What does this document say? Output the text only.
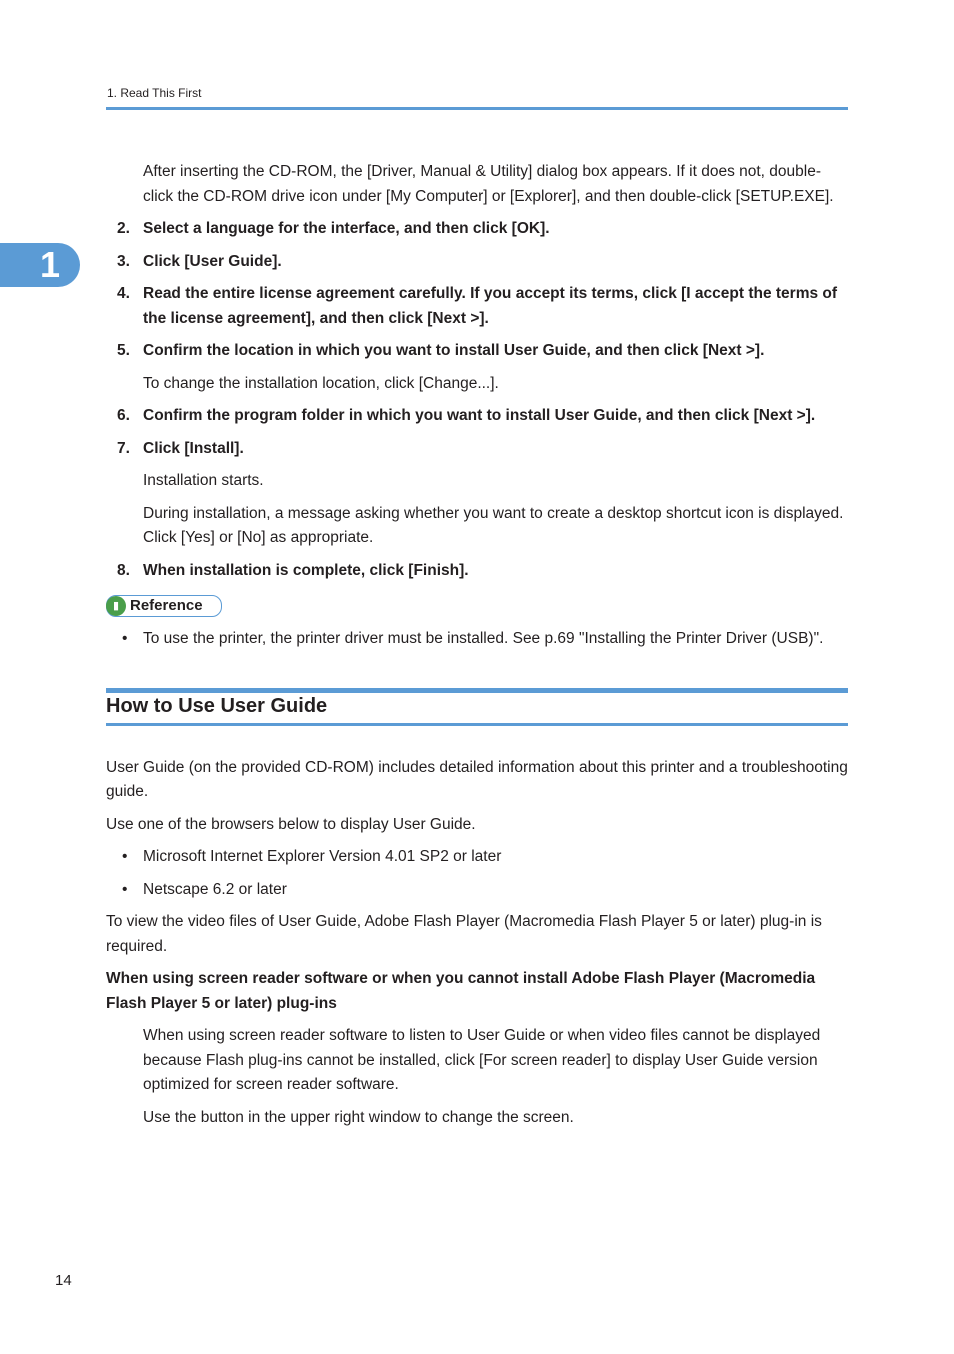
1. Read This First
1

After inserting the CD-ROM, the [Driver, Manual & Utility] dialog box appears. If it does not, double-click the CD-ROM drive icon under [My Computer] or [Explorer], and then double-click [SETUP.EXE].

2. Select a language for the interface, and then click [OK].
3. Click [User Guide].
4. Read the entire license agreement carefully. If you accept its terms, click [I accept the terms of the license agreement], and then click [Next >].
5. Confirm the location in which you want to install User Guide, and then click [Next >].

To change the installation location, click [Change...].

6. Confirm the program folder in which you want to install User Guide, and then click [Next >].
7. Click [Install].

Installation starts.

During installation, a message asking whether you want to create a desktop shortcut icon is displayed. Click [Yes] or [No] as appropriate.

8. When installation is complete, click [Finish].
▮ Reference
• To use the printer, the printer driver must be installed. See p.69 "Installing the Printer Driver (USB)".
How to Use User Guide

User Guide (on the provided CD-ROM) includes detailed information about this printer and a troubleshooting guide.

Use one of the browsers below to display User Guide.

• Microsoft Internet Explorer Version 4.01 SP2 or later
• Netscape 6.2 or later

To view the video files of User Guide, Adobe Flash Player (Macromedia Flash Player 5 or later) plug-in is required.

When using screen reader software or when you cannot install Adobe Flash Player (Macromedia Flash Player 5 or later) plug-ins

When using screen reader software to listen to User Guide or when video files cannot be displayed because Flash plug-ins cannot be installed, click [For screen reader] to display User Guide version optimized for screen reader software.

Use the button in the upper right window to change the screen.

14
